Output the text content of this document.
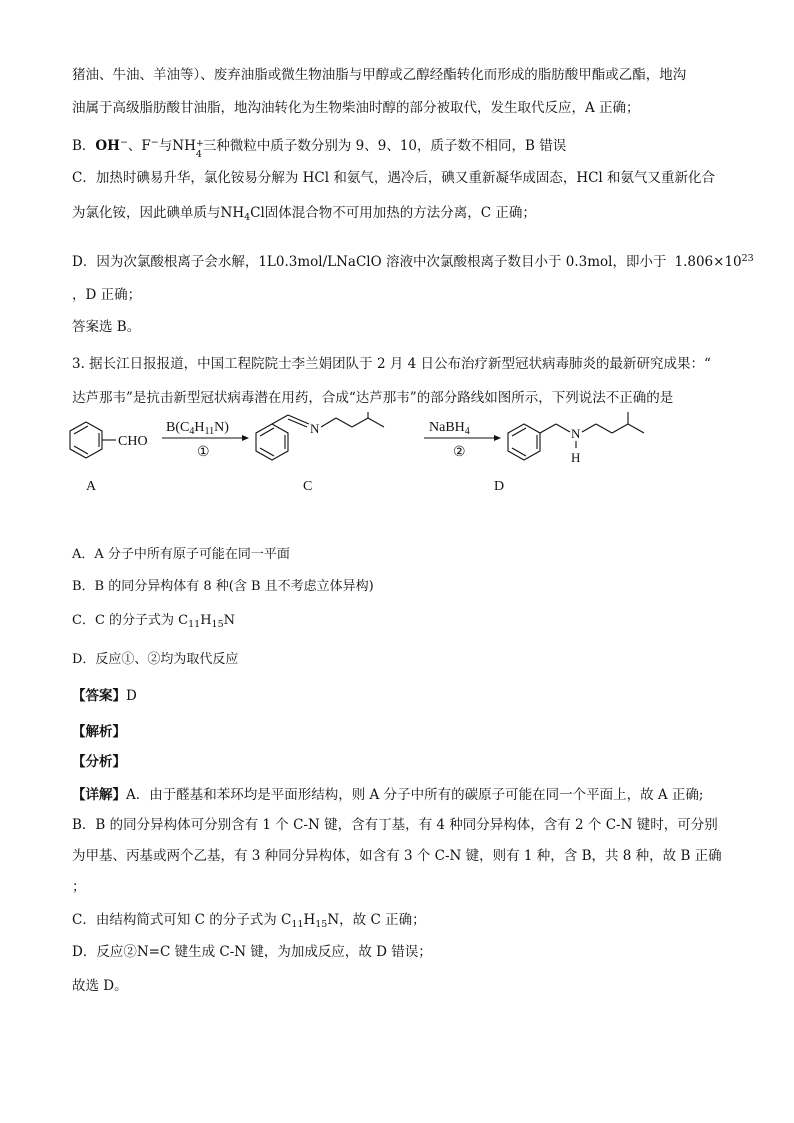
猪油、牛油、羊油等）、废弃油脂或微生物油脂与甲醇或乙醇经酯转化而形成的脂肪酸甲酯或乙酯，地沟
油属于高级脂肪酸甘油脂，地沟油转化为生物柴油时醇的部分被取代，发生取代反应，A 正确；
B．OH−、F−与NH +
4
三种微粒中质子数分别为 9、9、10，质子数不相同，B 错误
C．加热时碘易升华，氯化铵易分解为 HCl 和氨气，遇冷后，碘又重新凝华成固态，HCl 和氨气又重新化合
为氯化铵，因此碘单质与$NH_4Cl$固体混合物不可用加热的方法分离，C 正确；
D．因为次氯酸根离子会水解，1L0.3mol/LNaClO 溶液中次氯酸根离子数目小于 0.3mol，即小于 $1.806\times 10^{23}$
，D 正确；
答案选 B。
3. 据长江日报报道，中国工程院院士李兰娟团队于 2 月 4 日公布治疗新型冠状病毒肺炎的最新研究成果：“
达芦那韦”是抗击新型冠状病毒潜在用药，合成“达芦那韦”的部分路线如图所示，下列说法不正确的是
CHO
$B(C_4H_{11}N)$
①
N	NaBH$_4$
②
N
H
A	C	D
A．A 分子中所有原子可能在同一平面
B．B 的同分异构体有 8 种(含 B 且不考虑立体异构)
C．C 的分子式为 $C_{11}H_{15}N$
D．反应①、②均为取代反应
【答案】D
【解析】
【分析】
【详解】A．由于醛基和苯环均是平面形结构，则 A 分子中所有的碳原子可能在同一个平面上，故 A 正确;
B．B 的同分异构体可分别含有 1 个 C-N 键，含有丁基，有 4 种同分异构体，含有 2 个 C-N 键时，可分别
为甲基、丙基或两个乙基，有 3 种同分异构体，如含有 3 个 C-N 键，则有 1 种，含 B，共 8 种，故 B 正确
；
C．由结构简式可知 C 的分子式为 $C_{11}H_{15}N$，故 C 正确；
D．反应②N=C 键生成 C-N 键，为加成反应，故 D 错误；
故选 D。
